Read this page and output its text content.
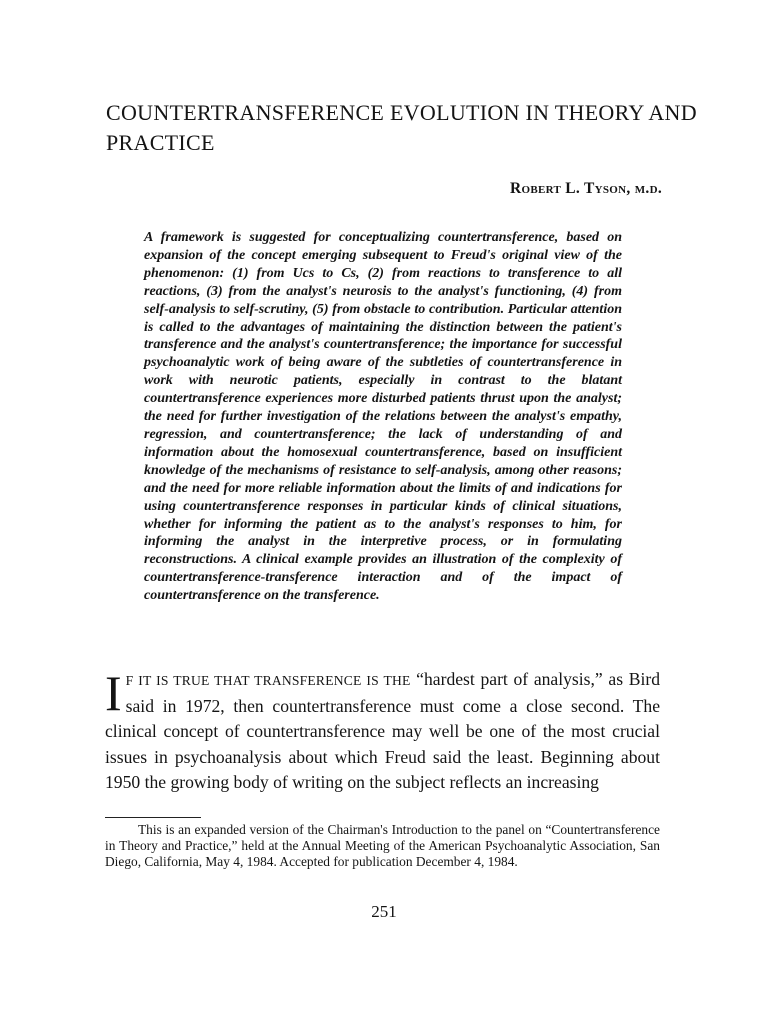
COUNTERTRANSFERENCE EVOLUTION IN THEORY AND PRACTICE
Robert L. Tyson, m.d.

A framework is suggested for conceptualizing countertransference, based on expansion of the concept emerging subsequent to Freud's original view of the phenomenon: (1) from Ucs to Cs, (2) from reactions to transference to all reactions, (3) from the analyst's neurosis to the analyst's functioning, (4) from self-analysis to self-scrutiny, (5) from obstacle to contribution. Particular attention is called to the advantages of maintaining the distinction between the patient's transference and the analyst's countertransference; the importance for successful psychoanalytic work of being aware of the subtleties of countertransference in work with neurotic patients, especially in contrast to the blatant countertransference experiences more disturbed patients thrust upon the analyst; the need for further investigation of the relations between the analyst's empathy, regression, and countertransference; the lack of understanding of and information about the homosexual countertransference, based on insufficient knowledge of the mechanisms of resistance to self-analysis, among other reasons; and the need for more reliable information about the limits of and indications for using countertransference responses in particular kinds of clinical situations, whether for informing the patient as to the analyst's responses to him, for informing the analyst in the interpretive process, or in formulating reconstructions. A clinical example provides an illustration of the complexity of countertransference-transference interaction and of the impact of countertransference on the transference.

I F IT IS TRUE THAT TRANSFERENCE IS THE “hardest part of analysis,” as Bird said in 1972, then countertransference must come a close second. The clinical concept of countertransference may well be one of the most crucial issues in psychoanalysis about which Freud said the least. Beginning about 1950 the growing body of writing on the subject reflects an increasing

This is an expanded version of the Chairman's Introduction to the panel on “Countertransference in Theory and Practice,” held at the Annual Meeting of the American Psychoanalytic Association, San Diego, California, May 4, 1984. Accepted for publication December 4, 1984.

251
